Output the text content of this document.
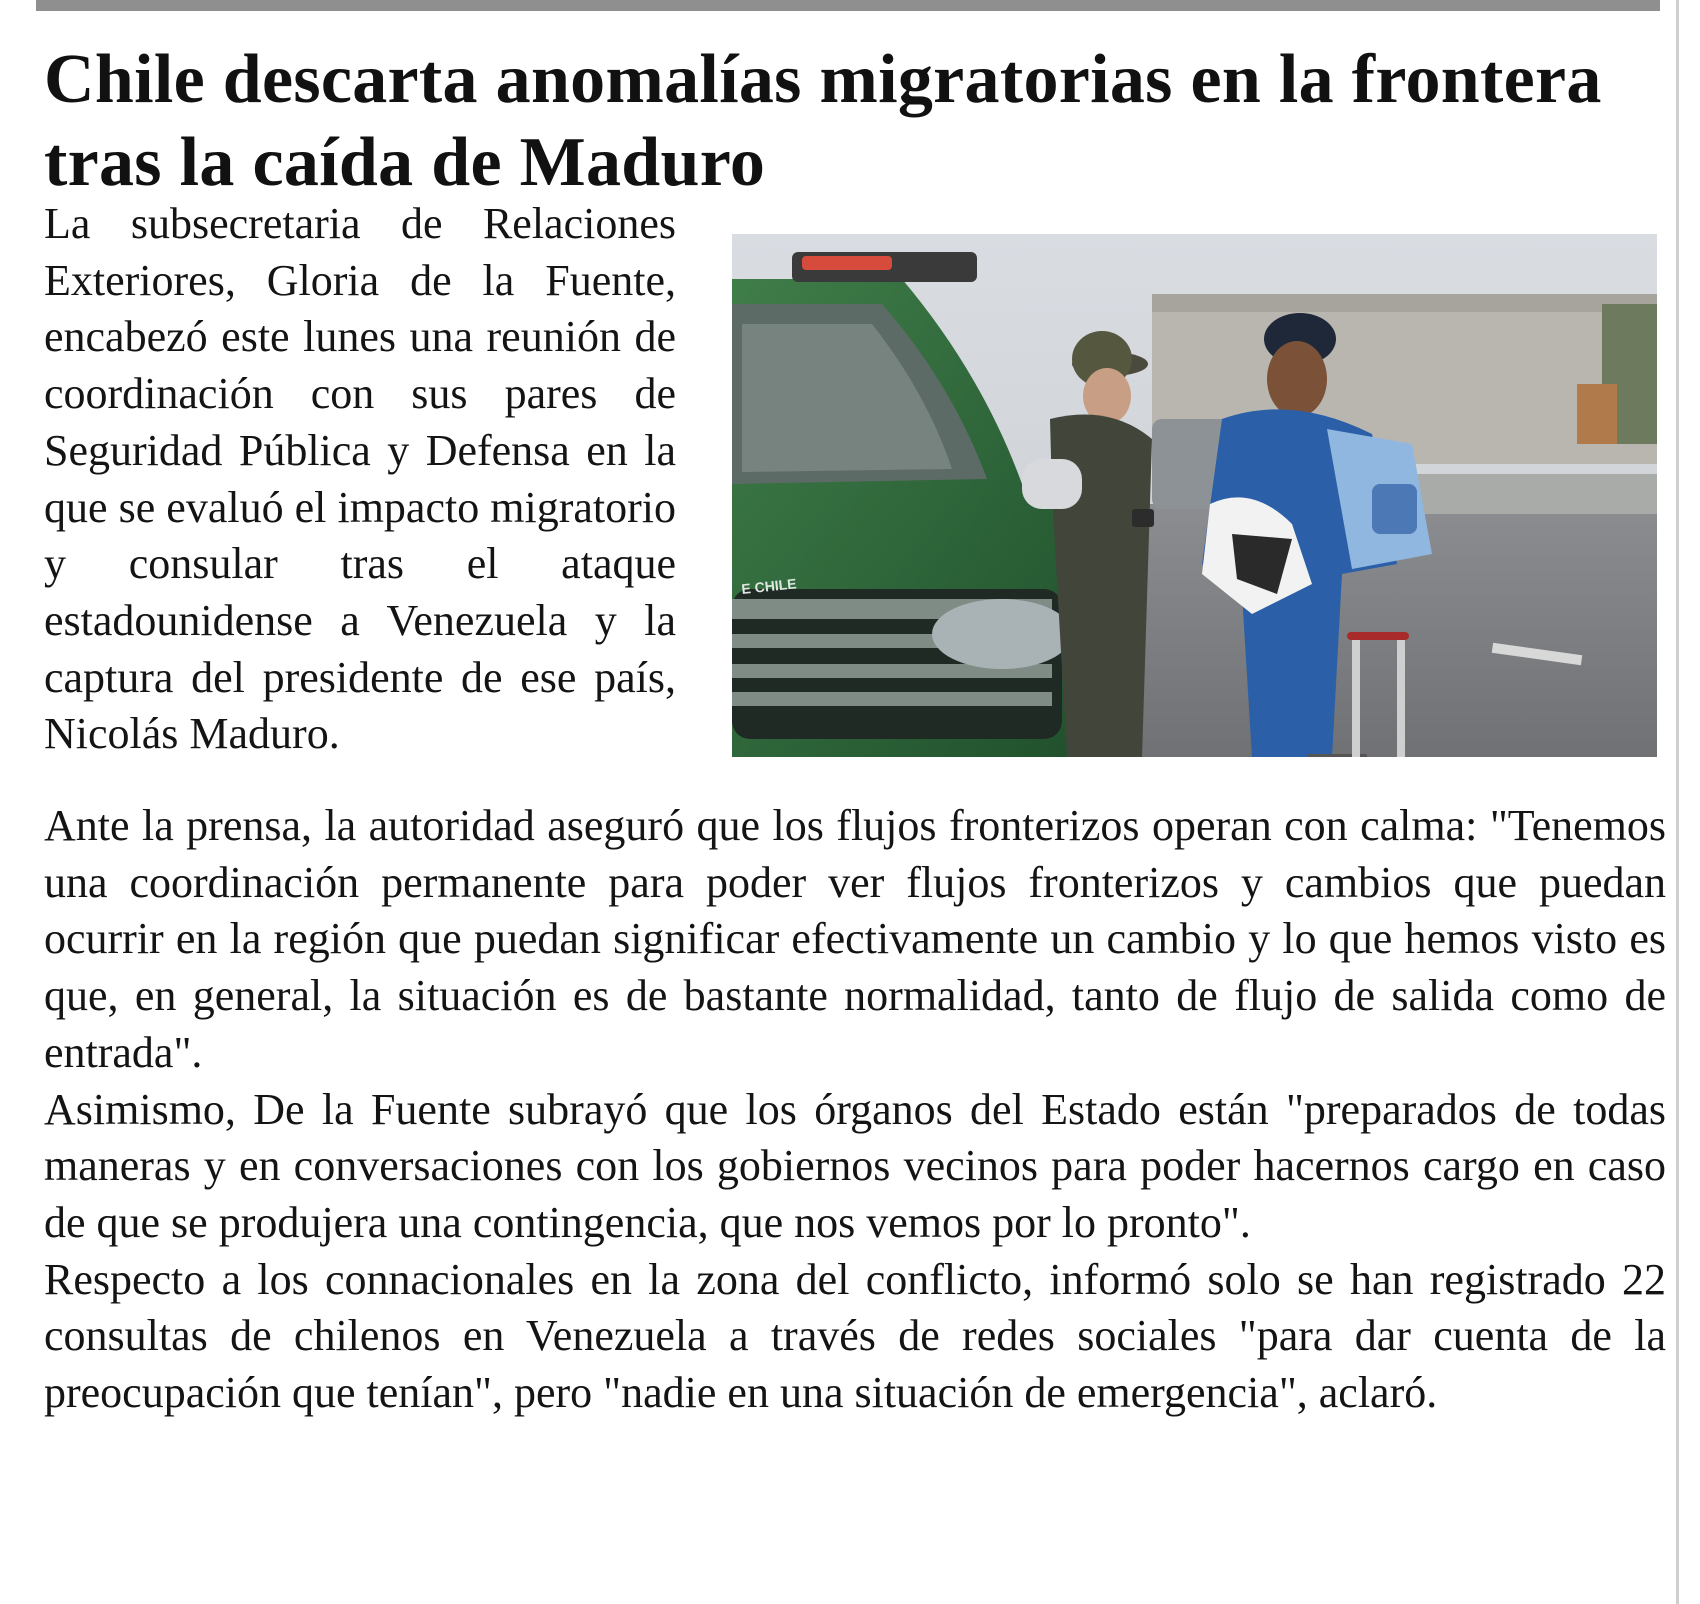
Chile descarta anomalías migratorias en la frontera tras la caída de Maduro

La subsecretaria de Relaciones Exteriores, Gloria de la Fuente, encabezó este lunes una reunión de coordinación con sus pares de Seguridad Pública y Defensa en la que se evaluó el impacto migratorio y consular tras el ataque estadounidense a Venezuela y la captura del presidente de ese país, Nicolás Maduro.

E CHILE

Ante la prensa, la autoridad aseguró que los flujos fronterizos operan con calma: "Tenemos una coordinación permanente para poder ver flujos fronterizos y cambios que puedan ocurrir en la región que puedan significar efectivamente un cambio y lo que hemos visto es que, en general, la situación es de bastante normalidad, tanto de flujo de salida como de entrada".

Asimismo, De la Fuente subrayó que los órganos del Estado están "preparados de todas maneras y en conversaciones con los gobiernos vecinos para poder hacernos cargo en caso de que se produjera una contingencia, que nos vemos por lo pronto".

Respecto a los connacionales en la zona del conflicto, informó solo se han registrado 22 consultas de chilenos en Venezuela a través de redes sociales "para dar cuenta de la preocupación que tenían", pero "nadie en una situación de emergencia", aclaró.
